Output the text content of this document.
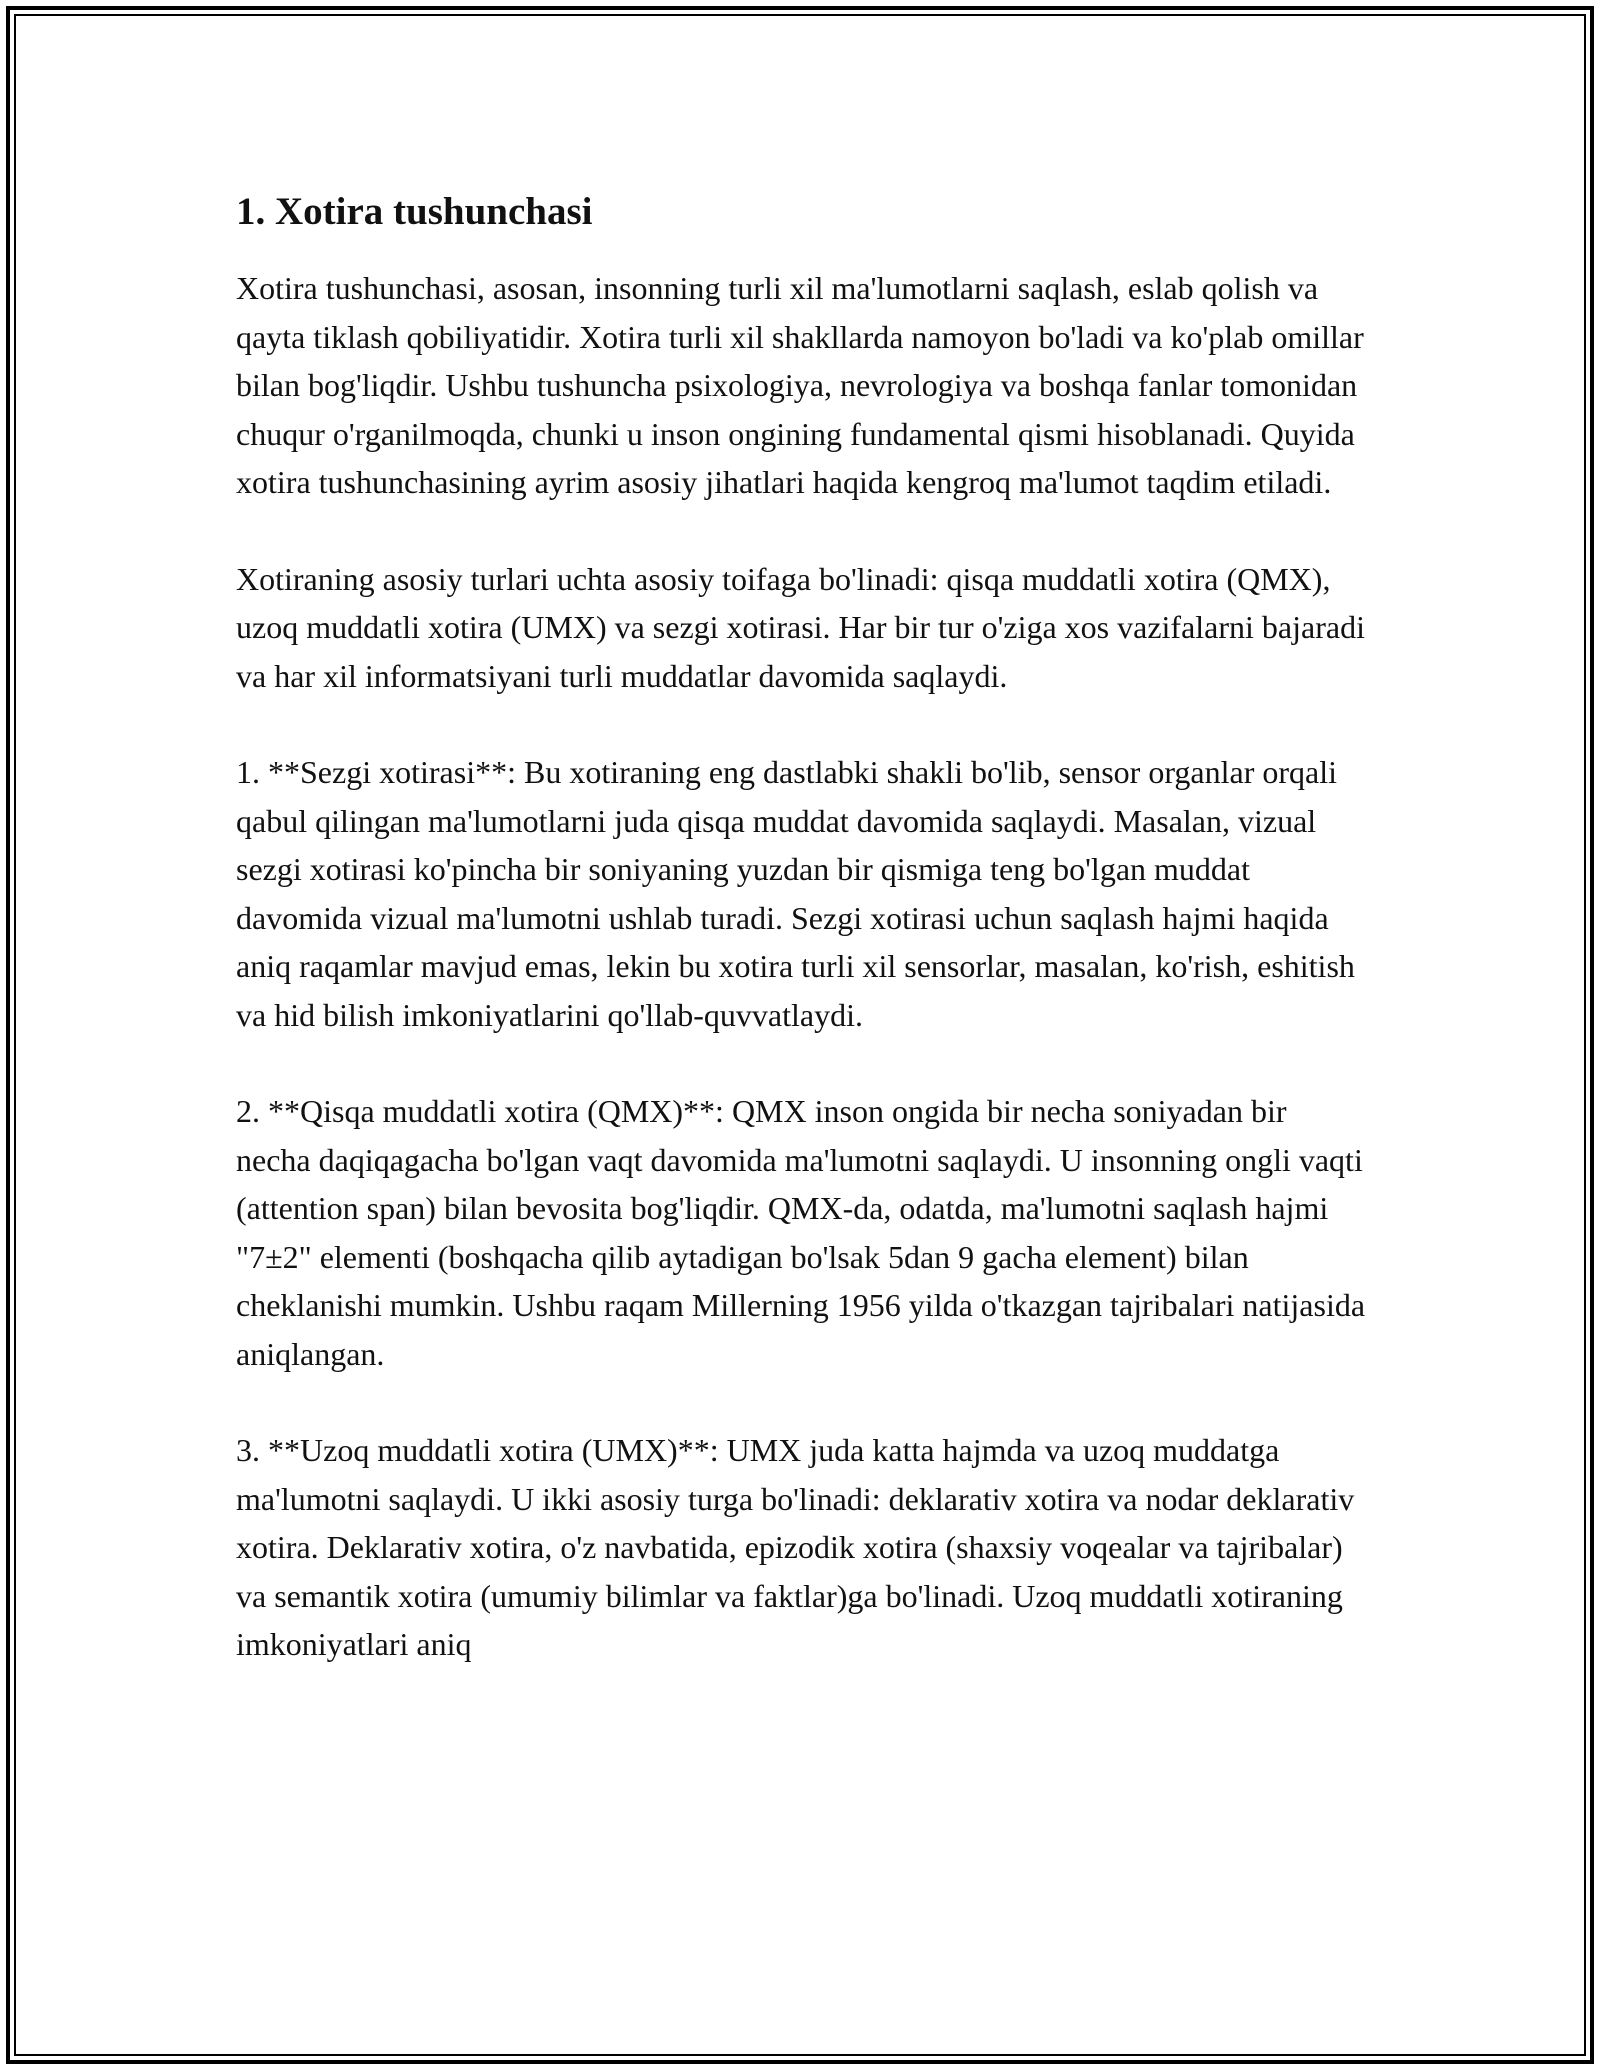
1. Xotira tushunchasi

Xotira tushunchasi, asosan, insonning turli xil ma'lumotlarni saqlash, eslab qolish va qayta tiklash qobiliyatidir. Xotira turli xil shakllarda namoyon bo'ladi va ko'plab omillar bilan bog'liqdir. Ushbu tushuncha psixologiya, nevrologiya va boshqa fanlar tomonidan chuqur o'rganilmoqda, chunki u inson ongining fundamental qismi hisoblanadi. Quyida xotira tushunchasining ayrim asosiy jihatlari haqida kengroq ma'lumot taqdim etiladi.

Xotiraning asosiy turlari uchta asosiy toifaga bo'linadi: qisqa muddatli xotira (QMX), uzoq muddatli xotira (UMX) va sezgi xotirasi. Har bir tur o'ziga xos vazifalarni bajaradi va har xil informatsiyani turli muddatlar davomida saqlaydi.

1. **Sezgi xotirasi**: Bu xotiraning eng dastlabki shakli bo'lib, sensor organlar orqali qabul qilingan ma'lumotlarni juda qisqa muddat davomida saqlaydi. Masalan, vizual sezgi xotirasi ko'pincha bir soniyaning yuzdan bir qismiga teng bo'lgan muddat davomida vizual ma'lumotni ushlab turadi. Sezgi xotirasi uchun saqlash hajmi haqida aniq raqamlar mavjud emas, lekin bu xotira turli xil sensorlar, masalan, ko'rish, eshitish va hid bilish imkoniyatlarini qo'llab-quvvatlaydi.

2. **Qisqa muddatli xotira (QMX)**: QMX inson ongida bir necha soniyadan bir necha daqiqagacha bo'lgan vaqt davomida ma'lumotni saqlaydi. U insonning ongli vaqti (attention span) bilan bevosita bog'liqdir. QMX-da, odatda, ma'lumotni saqlash hajmi "7±2" elementi (boshqacha qilib aytadigan bo'lsak 5dan 9 gacha element) bilan cheklanishi mumkin. Ushbu raqam Millerning 1956 yilda o'tkazgan tajribalari natijasida aniqlangan.

3. **Uzoq muddatli xotira (UMX)**: UMX juda katta hajmda va uzoq muddatga ma'lumotni saqlaydi. U ikki asosiy turga bo'linadi: deklarativ xotira va nodar deklarativ xotira. Deklarativ xotira, o'z navbatida, epizodik xotira (shaxsiy voqealar va tajribalar) va semantik xotira (umumiy bilimlar va faktlar)ga bo'linadi. Uzoq muddatli xotiraning imkoniyatlari aniq
